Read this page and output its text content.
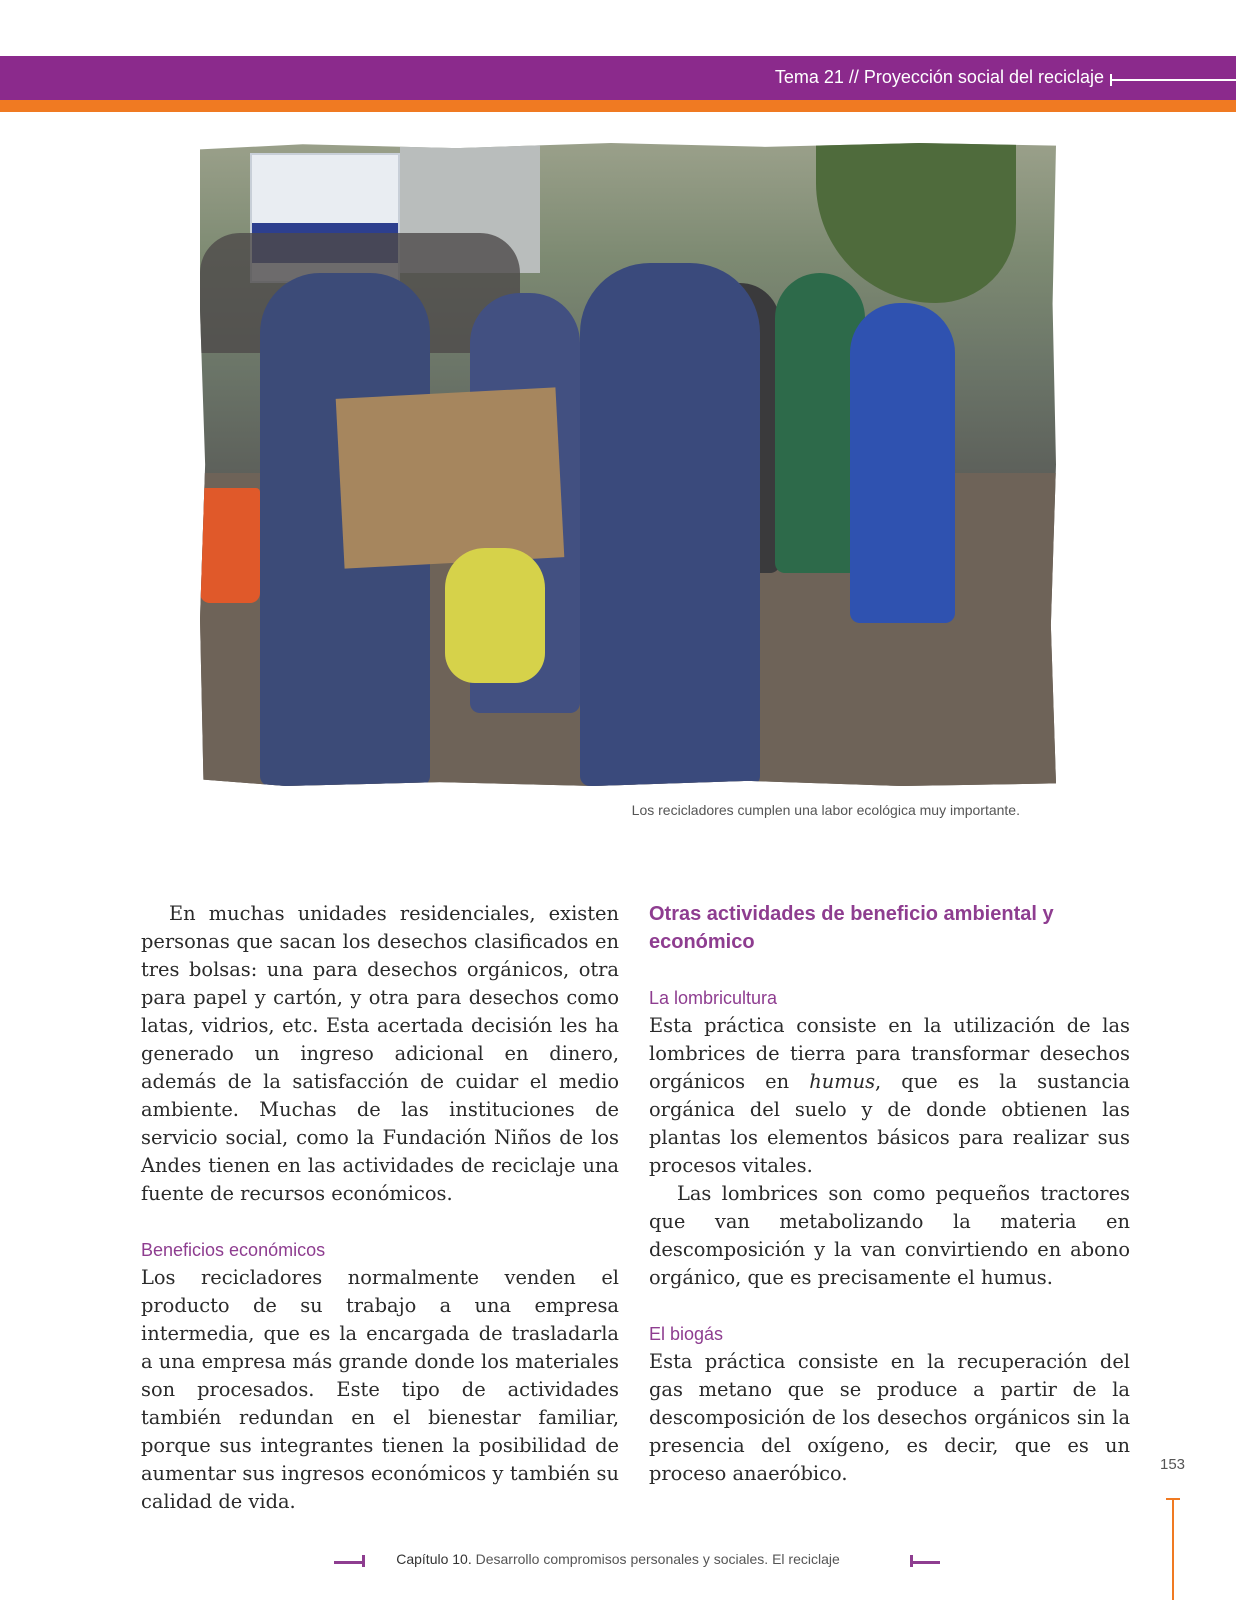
Tema 21 // Proyección social del reciclaje
Los recicladores cumplen una labor ecológica muy importante.

En muchas unidades residenciales, existen personas que sacan los desechos clasificados en tres bolsas: una para desechos orgánicos, otra para papel y cartón, y otra para desechos como latas, vidrios, etc. Esta acertada decisión les ha generado un ingreso adicional en dinero, además de la satisfacción de cuidar el medio ambiente. Muchas de las instituciones de servicio social, como la Fundación Niños de los Andes tienen en las actividades de reciclaje una fuente de recursos económicos.

Beneficios económicos

Los recicladores normalmente venden el producto de su trabajo a una empresa intermedia, que es la encargada de trasladarla a una empresa más grande donde los materiales son procesados. Este tipo de actividades también redundan en el bienestar familiar, porque sus integrantes tienen la posibilidad de aumentar sus ingresos económicos y también su calidad de vida.

Otras actividades de beneficio ambiental y económico
La lombricultura

Esta práctica consiste en la utilización de las lombrices de tierra para transformar desechos orgánicos en humus, que es la sustancia orgánica del suelo y de donde obtienen las plantas los elementos básicos para realizar sus procesos vitales.

Las lombrices son como pequeños tractores que van metabolizando la materia en descomposición y la van convirtiendo en abono orgánico, que es precisamente el humus.

El biogás

Esta práctica consiste en la recuperación del gas metano que se produce a partir de la descomposición de los desechos orgánicos sin la presencia del oxígeno, es decir, que es un proceso anaeróbico.	153
Capítulo 10. Desarrollo compromisos personales y sociales. El reciclaje
